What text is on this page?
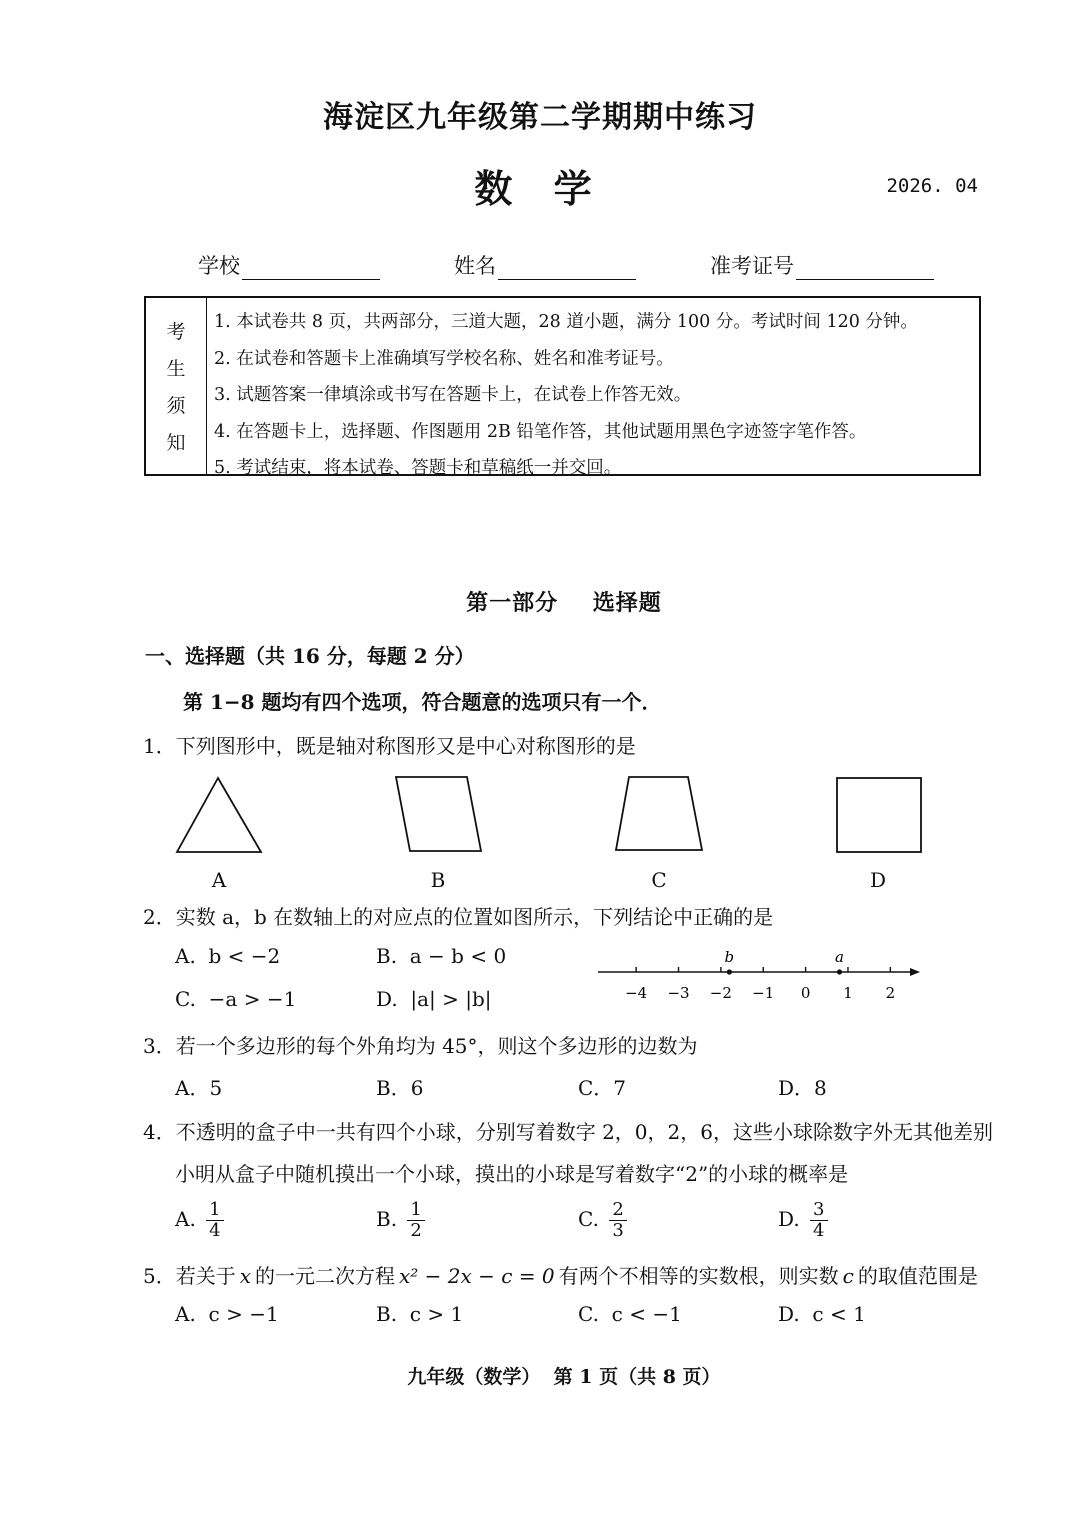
海淀区九年级第二学期期中练习
数 学	2026. 04
学校	姓名	准考证号
考
生
须
知
1. 本试卷共 8 页，共两部分，三道大题，28 道小题，满分 100 分。考试时间 120 分钟。
2. 在试卷和答题卡上准确填写学校名称、姓名和准考证号。
3. 试题答案一律填涂或书写在答题卡上，在试卷上作答无效。
4. 在答题卡上，选择题、作图题用 2B 铅笔作答，其他试题用黑色字迹签字笔作答。
5. 考试结束，将本试卷、答题卡和草稿纸一并交回。
第一部分    选择题
一、选择题（共 16 分，每题 2 分）
第 1−8 题均有四个选项，符合题意的选项只有一个．
1．下列图形中，既是轴对称图形又是中心对称图形的是
A	B	C	D
2．实数 a，b 在数轴上的对应点的位置如图所示，下列结论中正确的是
A.  b < −2	B.  a − b < 0
C.  −a > −1	D.  |a| > |b|	−4 −3 −2 −1 0 1 2
b	a
3．若一个多边形的每个外角均为 45°，则这个多边形的边数为
A．5	B．6	C．7	D．8
4．不透明的盒子中一共有四个小球，分别写着数字 2，0，2，6，这些小球除数字外无其他差别
小明从盒子中随机摸出一个小球，摸出的小球是写着数字“2”的小球的概率是
A. $\frac{1}{4}$	B. $\frac{1}{2}$	C. $\frac{2}{3}$	D. $\frac{3}{4}$
5．若关于 x 的一元二次方程 x² − 2x − c = 0 有两个不相等的实数根，则实数 c 的取值范围是
A.  c > −1	B.  c > 1	C.  c < −1	D.  c < 1
九年级（数学）  第 1 页（共 8 页）
